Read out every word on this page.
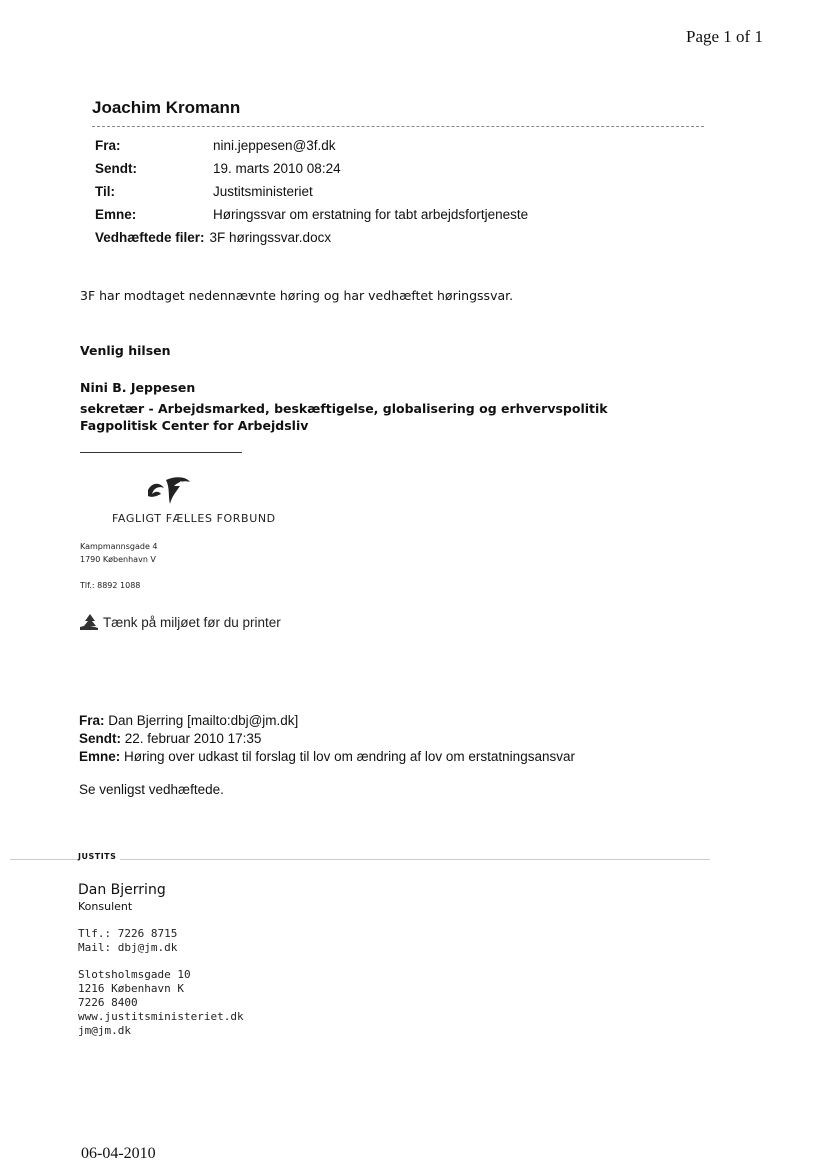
Page 1 of 1
Joachim Kromann
Fra:	nini.jeppesen@3f.dk
Sendt:	19. marts 2010 08:24
Til:	Justitsministeriet
Emne:	Høringssvar om erstatning for tabt arbejdsfortjeneste
Vedhæftede filer: 3F høringssvar.docx
3F har modtaget nedennævnte høring og har vedhæftet høringssvar.
Venlig hilsen
Nini B. Jeppesen
sekretær - Arbejdsmarked, beskæftigelse, globalisering og erhvervspolitik
Fagpolitisk Center for Arbejdsliv
FAGLIGT FÆLLES FORBUND
Kampmannsgade 4
1790 København V
Tlf.: 8892 1088
Tænk på miljøet før du printer
Fra: Dan Bjerring [mailto:dbj@jm.dk]
Sendt: 22. februar 2010 17:35
Emne: Høring over udkast til forslag til lov om ændring af lov om erstatningsansvar
Se venligst vedhæftede.
JUSTITS
Dan Bjerring
Konsulent
Tlf.: 7226 8715
Mail: dbj@jm.dk
Slotsholmsgade 10
1216 København K
7226 8400
www.justitsministeriet.dk
jm@jm.dk
06-04-2010
